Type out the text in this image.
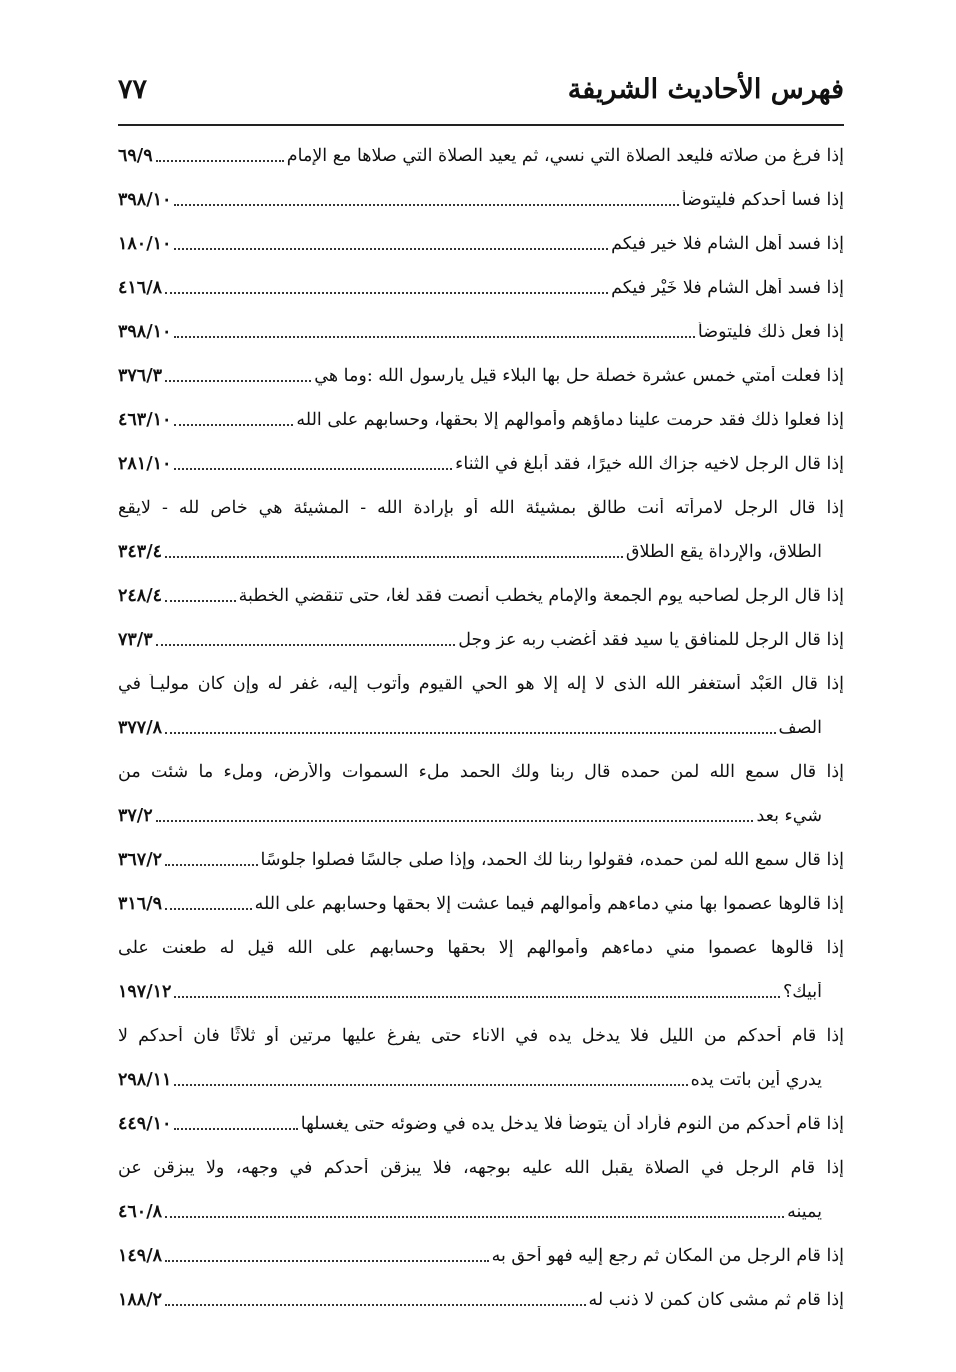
٧٧	فهرس الأحاديث الشريفة
إذا فرغ من صلاته فليعد الصلاة التي نسي، ثم يعيد الصلاة التي صلاها مع الإمام
٦٩/٩
إذا فسا أحدكم فليتوضأ
٣٩٨/١٠
إذا فسد أهل الشام فلا خير فيكم
١٨٠/١٠
إذا فسد أهل الشام فلا خَيْر فيكم
٤١٦/٨
إذا فعل ذلك فليتوضأ
٣٩٨/١٠
إذا فعلت أمتي خمس عشرة خصلة حل بها البلاء قيل يارسول الله :وما هي
٣٧٦/٣
إذا فعلوا ذلك فقد حرمت علينا دماؤهم وأموالهم إلا بحقها، وحسابهم على الله
٤٦٣/١٠
إذا قال الرجل لاخيه جزاك الله خيرًا، فقد أبلغ في الثناء
٢٨١/١٠
إذا قال الرجل لامرأته أنت طالق بمشيئة الله أو بإرادة الله - المشيئة هي خاص لله - لايقع
الطلاق، والإرداة يقع الطلاق
٣٤٣/٤
إذا قال الرجل لصاحبه يوم الجمعة والإمام يخطب أنصت فقد لغا، حتى تنقضي الخطبة
٢٤٨/٤
إذا قال الرجل للمنافق يا سيد فقد أغضب ربه عز وجل
٧٣/٣
إذا قال العَبْد أستغفر الله الذى لا إله إلا هو الحي القيوم وأتوب إليه، غفر له وإن كان موليـاً في
الصف
٣٧٧/٨
إذا قال سمع الله لمن حمده قال ربنا ولك الحمد ملء السموات والأرض، وملء ما شئت من
شيء بعد
٣٧/٢
إذا قال سمع الله لمن حمده، فقولوا ربنا لك الحمد، وإذا صلى جالسًا فصلوا جلوسًا
٣٦٧/٢
إذا قالوها عصموا بها مني دماءهم وأموالهم فيما عشت إلا بحقها وحسابهم على الله
٣١٦/٩
إذا قالوها عصموا مني دماءهم وأموالهم إلا بحقها وحسابهم على الله قيل له طعنت على
أبيك؟
١٩٧/١٢
إذا قام أحدكم من الليل فلا يدخل يده في الاناء حتى يفرغ عليها مرتين أو ثلاثًا فان أحدكم لا
يدري أين باتت يده
٢٩٨/١١
إذا قام أحدكم من النوم فأراد أن يتوضأ فلا يدخل يده في وضوئه حتى يغسلها
٤٤٩/١٠
إذا قام الرجل في الصلاة يقبل الله عليه بوجهه، فلا يبزقن أحدكم في وجهه، ولا يبزقن عن
يمينه
٤٦٠/٨
إذا قام الرجل من المكان ثم رجع إليه فهو أحق به
١٤٩/٨
إذا قام ثم مشى كان كمن لا ذنب له
١٨٨/٢
